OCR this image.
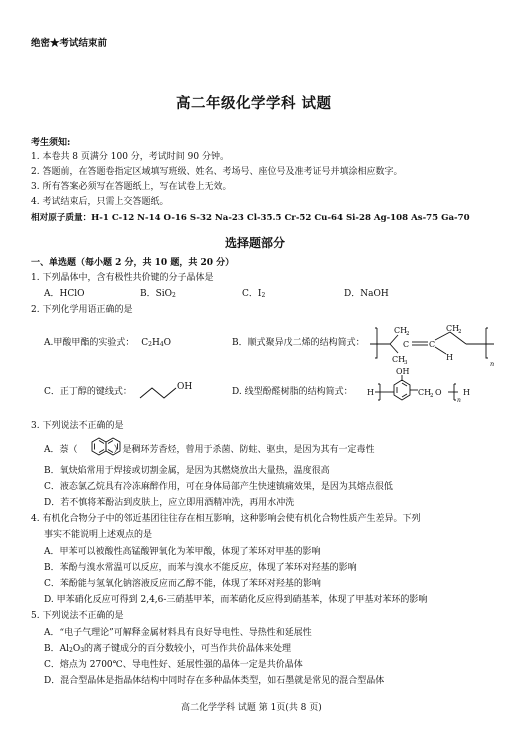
绝密★考试结束前
高二年级化学学科 试题
考生须知:
1. 本卷共 8 页满分 100 分，考试时间 90 分钟。
2. 答题前，在答题卷指定区域填写班级、姓名、考场号、座位号及准考证号并填涂相应数字。
3. 所有答案必须写在答题纸上，写在试卷上无效。
4. 考试结束后，只需上交答题纸。
相对原子质量：H-1 C-12 N-14 O-16 S-32 Na-23 Cl-35.5 Cr-52 Cu-64 Si-28 Ag-108 As-75 Ga-70
选择题部分
一、单选题（每小题 2 分，共 10 题，共 20 分）
1. 下列晶体中，含有极性共价键的分子晶体是
A．HClO	B．SiO2	C．I2	D．NaOH
2. 下列化学用语正确的是
A.甲酸甲酯的实验式： C2H4O	B．顺式聚异戊二烯的结构简式：
CH
2
C C
CH
2
CH
3
H
n
C．正丁醇的键线式：	OH	D. 线型酚醛树脂的结构简式：
OH
H	CH
2 O
n
H
3. 下列说法不正确的是
A．萘（	）是稠环芳香烃，曾用于杀菌、防蛀、驱虫，是因为其有一定毒性
B．氧炔焰常用于焊接或切割金属，是因为其燃烧放出大量热，温度很高
C．液态氯乙烷具有冷冻麻醉作用，可在身体局部产生快速镇痛效果，是因为其熔点很低
D．若不慎将苯酚沾到皮肤上，应立即用酒精冲洗，再用水冲洗
4. 有机化合物分子中的邻近基团往往存在相互影响，这种影响会使有机化合物性质产生差异。下列
事实不能说明上述观点的是
A．甲苯可以被酸性高锰酸钾氧化为苯甲酸，体现了苯环对甲基的影响
B．苯酚与溴水常温可以反应，而苯与溴水不能反应，体现了苯环对羟基的影响
C．苯酚能与氢氧化钠溶液反应而乙醇不能，体现了苯环对羟基的影响
D. 甲苯硝化反应可得到 2,4,6-三硝基甲苯，而苯硝化反应得到硝基苯，体现了甲基对苯环的影响
5. 下列说法不正确的是
A．“电子气理论”可解释金属材料具有良好导电性、导热性和延展性
B．Al2O3的离子键成分的百分数较小，可当作共价晶体来处理
C．熔点为 2700℃、导电性好、延展性强的晶体一定是共价晶体
D．混合型晶体是指晶体结构中同时存在多种晶体类型，如石墨就是常见的混合型晶体
高二化学学科 试题 第 1页(共 8 页)
